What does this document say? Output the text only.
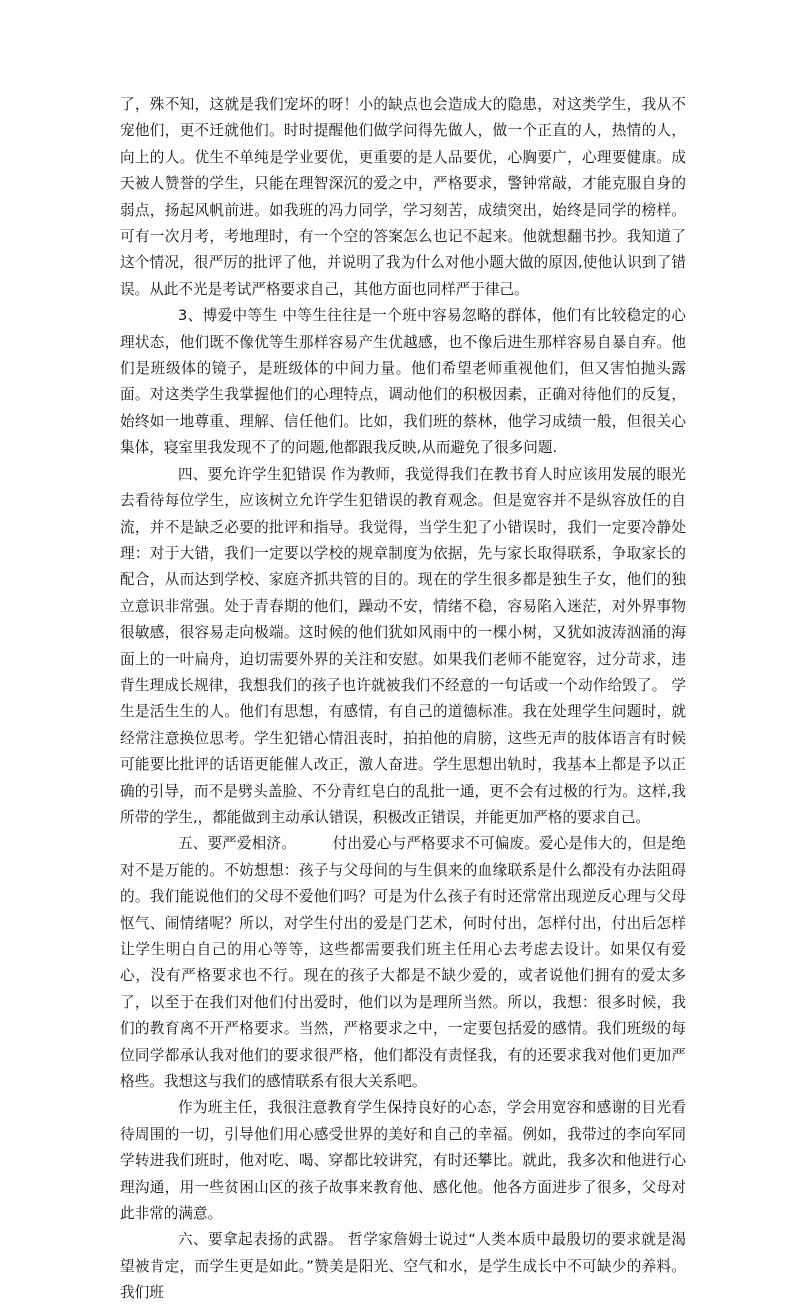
了，殊不知，这就是我们宠坏的呀！小的缺点也会造成大的隐患，对这类学生，我从不宠他们，更不迁就他们。时时提醒他们做学问得先做人，做一个正直的人，热情的人，向上的人。优生不单纯是学业要优，更重要的是人品要优，心胸要广，心理要健康。成天被人赞誉的学生，只能在理智深沉的爱之中，严格要求，警钟常敲，才能克服自身的弱点，扬起风帆前进。如我班的冯力同学，学习刻苦，成绩突出，始终是同学的榜样。可有一次月考，考地理时，有一个空的答案怎么也记不起来。他就想翻书抄。我知道了这个情况，很严厉的批评了他，并说明了我为什么对他小题大做的原因,使他认识到了错误。从此不光是考试严格要求自己，其他方面也同样严于律己。

3、博爱中等生 中等生往往是一个班中容易忽略的群体，他们有比较稳定的心理状态，他们既不像优等生那样容易产生优越感，也不像后进生那样容易自暴自弃。他们是班级体的镜子，是班级体的中间力量。他们希望老师重视他们，但又害怕抛头露面。对这类学生我掌握他们的心理特点，调动他们的积极因素，正确对待他们的反复，始终如一地尊重、理解、信任他们。比如，我们班的蔡林，他学习成绩一般，但很关心集体，寝室里我发现不了的问题,他都跟我反映,从而避免了很多问题.

四、要允许学生犯错误 作为教师，我觉得我们在教书育人时应该用发展的眼光去看待每位学生，应该树立允许学生犯错误的教育观念。但是宽容并不是纵容放任的自流，并不是缺乏必要的批评和指导。我觉得，当学生犯了小错误时，我们一定要冷静处理：对于大错，我们一定要以学校的规章制度为依据，先与家长取得联系，争取家长的配合，从而达到学校、家庭齐抓共管的目的。现在的学生很多都是独生子女，他们的独立意识非常强。处于青春期的他们，躁动不安，情绪不稳，容易陷入迷茫，对外界事物很敏感，很容易走向极端。这时候的他们犹如风雨中的一棵小树，又犹如波涛汹涌的海面上的一叶扁舟，迫切需要外界的关注和安慰。如果我们老师不能宽容，过分苛求，违背生理成长规律，我想我们的孩子也许就被我们不经意的一句话或一个动作给毁了。 学生是活生生的人。他们有思想，有感情，有自己的道德标准。我在处理学生问题时，就经常注意换位思考。学生犯错心情沮丧时，拍拍他的肩膀，这些无声的肢体语言有时候可能要比批评的话语更能催人改正，激人奋进。学生思想出轨时，我基本上都是予以正确的引导，而不是劈头盖脸、不分青红皂白的乱批一通，更不会有过极的行为。这样,我所带的学生,，都能做到主动承认错误，积极改正错误，并能更加严格的要求自己。

五、要严爱相济。　　　付出爱心与严格要求不可偏废。爱心是伟大的，但是绝对不是万能的。不妨想想：孩子与父母间的与生俱来的血缘联系是什么都没有办法阻碍的。我们能说他们的父母不爱他们吗？可是为什么孩子有时还常常出现逆反心理与父母怄气、闹情绪呢？所以，对学生付出的爱是门艺术，何时付出，怎样付出，付出后怎样让学生明白自己的用心等等，这些都需要我们班主任用心去考虑去设计。如果仅有爱心，没有严格要求也不行。现在的孩子大都是不缺少爱的，或者说他们拥有的爱太多了，以至于在我们对他们付出爱时，他们以为是理所当然。所以，我想：很多时候，我们的教育离不开严格要求。当然，严格要求之中，一定要包括爱的感情。我们班级的每位同学都承认我对他们的要求很严格，他们都没有责怪我，有的还要求我对他们更加严格些。我想这与我们的感情联系有很大关系吧。

作为班主任，我很注意教育学生保持良好的心态，学会用宽容和感谢的目光看待周围的一切，引导他们用心感受世界的美好和自己的幸福。例如，我带过的李向军同学转进我们班时，他对吃、喝、穿都比较讲究，有时还攀比。就此，我多次和他进行心理沟通，用一些贫困山区的孩子故事来教育他、感化他。他各方面进步了很多，父母对此非常的满意。

六、要拿起表扬的武器。 哲学家詹姆士说过“人类本质中最殷切的要求就是渴望被肯定，而学生更是如此。”赞美是阳光、空气和水，是学生成长中不可缺少的养料。我们班
